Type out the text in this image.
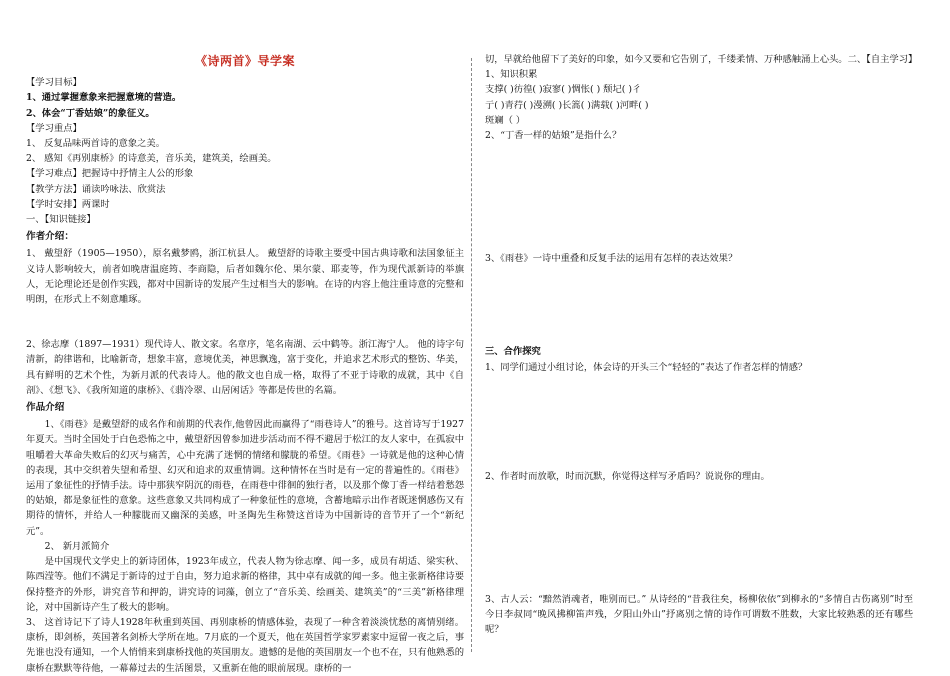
《诗两首》导学案
【学习目标】
1、通过掌握意象来把握意境的营造。
2、体会“丁香姑娘”的象征义。
【学习重点】
1、 反复品味两首诗的意象之美。
2、 感知《再别康桥》的诗意美，音乐美，建筑美，绘画美。
【学习难点】把握诗中抒情主人公的形象
【教学方法】诵读吟咏法、欣赏法
【学时安排】两课时
一、【知识链接】
作者介绍：

1、 戴望舒（1905—1950），原名戴梦鸥，浙江杭县人。 戴望舒的诗歌主要受中国古典诗歌和法国象征主义诗人影响较大，前者如晚唐温庭筠、李商隐，后者如魏尔伦、果尔蒙、耶麦等，作为现代派新诗的举旗人，无论理论还是创作实践，都对中国新诗的发展产生过相当大的影响。在诗的内容上他注重诗意的完整和明朗，在形式上不刻意雕琢。

2、徐志摩（1897—1931）现代诗人、散文家。名章序，笔名南湖、云中鹤等。浙江海宁人。 他的诗字句清新，韵律谐和，比喻新奇，想象丰富，意境优美，神思飘逸，富于变化，并追求艺术形式的整饬、华美，具有鲜明的艺术个性，为新月派的代表诗人。他的散文也自成一格，取得了不亚于诗歌的成就，其中《自剖》、《想飞》、《我所知道的康桥》、《翡冷翠、山居闲话》等都是传世的名篇。

作品介绍

1、《雨巷》是戴望舒的成名作和前期的代表作,他曾因此而赢得了“雨巷诗人”的雅号。这首诗写于1927年夏天。当时全国处于白色恐怖之中，戴望舒因曾参加进步活动而不得不避居于松江的友人家中，在孤寂中咀嚼着大革命失败后的幻灭与痛苦，心中充满了迷惘的情绪和朦胧的希望。《雨巷》一诗就是他的这种心情的表现，其中交织着失望和希望、幻灭和追求的双重情调。这种情怀在当时是有一定的普遍性的。《雨巷》运用了象征性的抒情手法。诗中那狭窄阴沉的雨巷，在雨巷中徘徊的独行者，以及那个像丁香一样结着愁怨的姑娘，都是象征性的意象。这些意象又共同构成了一种象征性的意境，含蓄地暗示出作者既迷惘感伤又有期待的情怀，并给人一种朦胧而又幽深的美感，叶圣陶先生称赞这首诗为中国新诗的音节开了一个“新纪元”。

2、 新月派简介

是中国现代文学史上的新诗团体，1923年成立，代表人物为徐志摩、闻一多，成员有胡适、梁实秋、陈西滢等。他们不满足于新诗的过于自由，努力追求新的格律，其中卓有成就的闻一多。他主张新格律诗要保持整齐的外形，讲究音节和押韵，讲究诗的词藻，创立了“音乐美、绘画美、建筑美”的“三美”新格律理论，对中国新诗产生了极大的影响。

3、 这首诗记下了诗人1928年秋重到英国、再别康桥的情感体验，表现了一种含着淡淡忧愁的离情别绪。康桥，即剑桥，英国著名剑桥大学所在地。7月底的一个夏天，他在英国哲学家罗素家中逗留一夜之后，事先谁也没有通知，一个人悄悄来到康桥找他的英国朋友。遗憾的是他的英国朋友一个也不在，只有他熟悉的康桥在默默等待他，一幕幕过去的生活图景，又重新在他的眼前展现。康桥的一

切，早就给他留下了美好的印象，如今又要和它告别了，千缕柔情、万种感触涌上心头。二、【自主学习】

1、知识积累
支撑( )彷徨( )寂寥( )惆怅( ) 颓圮( )彳
亍( )青荇( )漫溯( )长篙( )满载( )河畔( )
斑斓（ ）
2、“丁香一样的姑娘”是指什么？
3、《雨巷》一诗中重叠和反复手法的运用有怎样的表达效果？
三、合作探究
1、同学们通过小组讨论，体会诗的开头三个“轻轻的”表达了作者怎样的情感？
2、作者时而放歌，时而沉默，你觉得这样写矛盾吗？说说你的理由。

3、古人云：“黯然消魂者，唯别而已。” 从诗经的“昔我往矣，杨柳依依”到柳永的“多情自古伤离别”时至今日李叔同“晚风拂柳笛声残，夕阳山外山”抒离别之情的诗作可谓数不胜数，大家比较熟悉的还有哪些呢？
